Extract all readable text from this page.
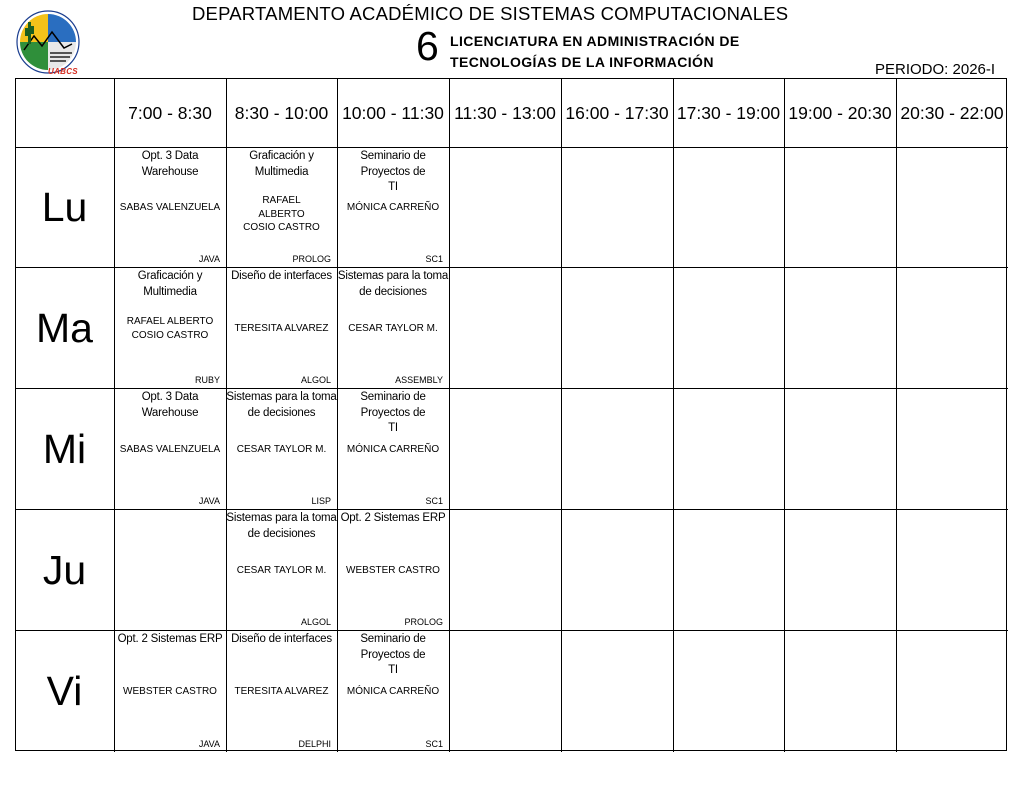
UABCS
DEPARTAMENTO ACADÉMICO DE SISTEMAS COMPUTACIONALES
6 LICENCIATURA EN ADMINISTRACIÓN DE
TECNOLOGÍAS DE LA INFORMACIÓN	PERIODO: 2026-I
7:00 - 8:30	8:30 - 10:00 10:00 - 11:30 11:30 - 13:00 16:00 - 17:30 17:30 - 19:00 19:00 - 20:30 20:30 - 22:00
Lu
Ma
Mi
Ju
Vi
Opt. 3 Data Warehouse
SABAS VALENZUELA
JAVA
Graficación y Multimedia
RAFAEL ALBERTO COSIO CASTRO
PROLOG
Seminario de Proyectos de TI
MÓNICA CARREÑO
SC1
Graficación y Multimedia
RAFAEL ALBERTO COSIO CASTRO
RUBY
Diseño de interfaces
TERESITA ALVAREZ
ALGOL
Sistemas para la toma de decisiones
CESAR TAYLOR M.
ASSEMBLY
Opt. 3 Data Warehouse
SABAS VALENZUELA
JAVA
Sistemas para la toma de decisiones
CESAR TAYLOR M.
LISP
Seminario de Proyectos de TI
MÓNICA CARREÑO
SC1
Sistemas para la toma de decisiones
CESAR TAYLOR M.
ALGOL
Opt. 2 Sistemas ERP
WEBSTER CASTRO
PROLOG
Opt. 2 Sistemas ERP
WEBSTER CASTRO
JAVA
Diseño de interfaces
TERESITA ALVAREZ
DELPHI
Seminario de Proyectos de TI
MÓNICA CARREÑO
SC1
